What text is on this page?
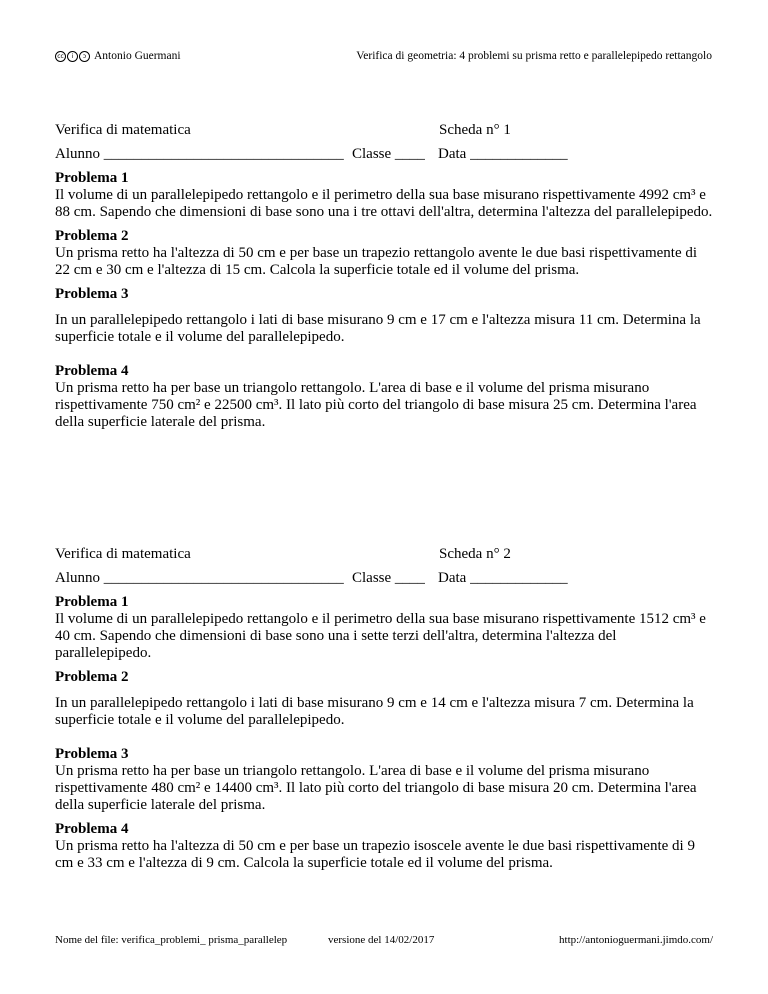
cc	i	ↄ Antonio Guermani	Verifica di geometria: 4 problemi su prisma retto e parallelepipedo rettangolo
Verifica di matematica	Scheda n° 1
Alunno ________________________________ Classe ____ Data _____________
Problema 1
Il volume di un parallelepipedo rettangolo e il perimetro della sua base misurano rispettivamente 4992 cm³ e 88 cm. Sapendo che dimensioni di base sono una i tre ottavi dell'altra, determina l'altezza del parallelepipedo.
Problema 2
Un prisma retto ha l'altezza di 50 cm e per base un trapezio rettangolo avente le due basi rispettivamente di 22 cm e 30 cm e l'altezza di 15 cm. Calcola la superficie totale ed il volume del prisma.
Problema 3
In un parallelepipedo rettangolo i lati di base misurano 9 cm e 17 cm e l'altezza misura 11 cm. Determina la superficie totale e il volume del parallelepipedo.
Problema 4
Un prisma retto ha per base un triangolo rettangolo. L'area di base e il volume del prisma misurano rispettivamente 750 cm² e 22500 cm³. Il lato più corto del triangolo di base misura 25 cm. Determina l'area della superficie laterale del prisma.
Verifica di matematica	Scheda n° 2
Alunno ________________________________ Classe ____ Data _____________
Problema 1
Il volume di un parallelepipedo rettangolo e il perimetro della sua base misurano rispettivamente 1512 cm³ e 40 cm. Sapendo che dimensioni di base sono una i sette terzi dell'altra, determina l'altezza del parallelepipedo.
Problema 2
In un parallelepipedo rettangolo i lati di base misurano 9 cm e 14 cm e l'altezza misura 7 cm. Determina la superficie totale e il volume del parallelepipedo.
Problema 3
Un prisma retto ha per base un triangolo rettangolo. L'area di base e il volume del prisma misurano rispettivamente 480 cm² e 14400 cm³. Il lato più corto del triangolo di base misura 20 cm. Determina l'area della superficie laterale del prisma.
Problema 4
Un prisma retto ha l'altezza di 50 cm e per base un trapezio isoscele avente le due basi rispettivamente di 9 cm e 33 cm e l'altezza di 9 cm. Calcola la superficie totale ed il volume del prisma.
Nome del file: verifica_problemi_ prisma_parallelep	versione del 14/02/2017	http://antonioguermani.jimdo.com/
